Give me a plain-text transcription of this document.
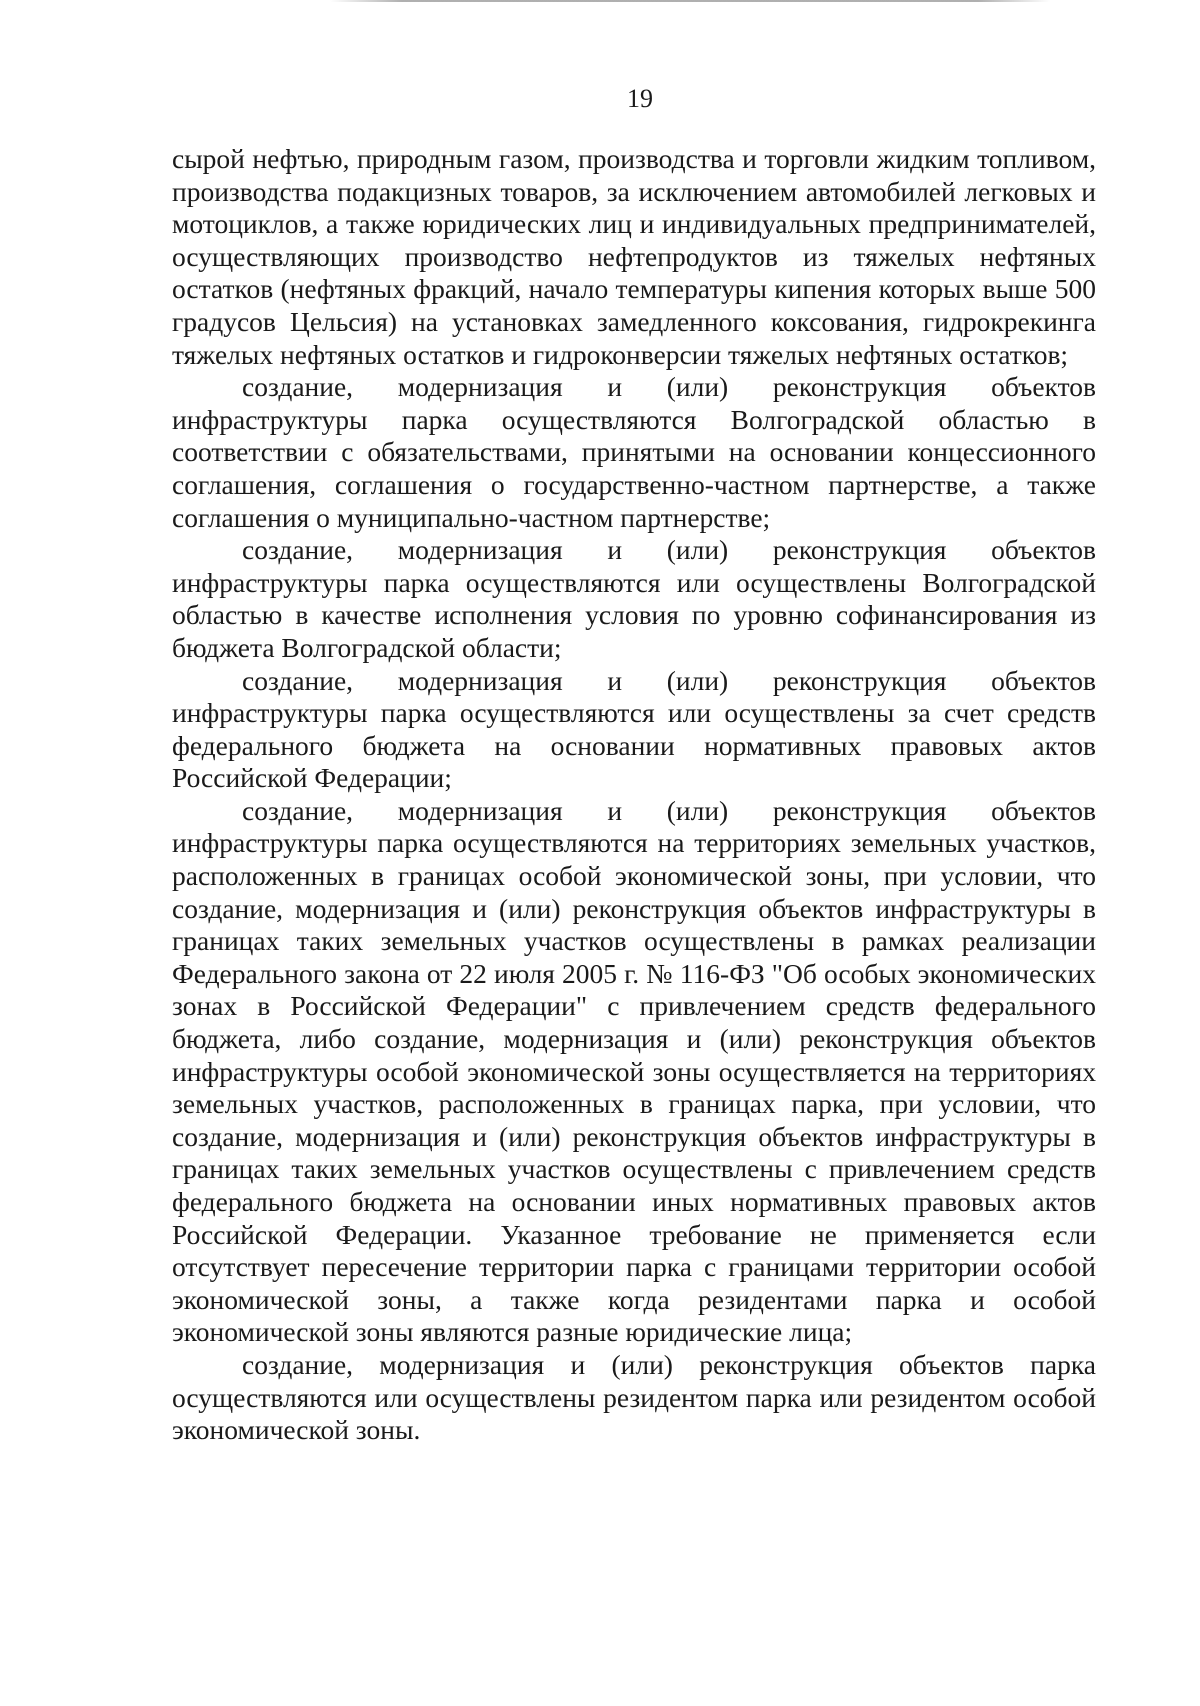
19

сырой нефтью, природным газом, производства и торговли жидким топливом, производства подакцизных товаров, за исключением автомобилей легковых и мотоциклов, а также юридических лиц и индивидуальных предпринимателей, осуществляющих производство нефтепродуктов из тяжелых нефтяных остатков (нефтяных фракций, начало температуры кипения которых выше 500 градусов Цельсия) на установках замедленного коксования, гидрокрекинга тяжелых нефтяных остатков и гидроконверсии тяжелых нефтяных остатков;

создание, модернизация и (или) реконструкция объектов инфраструктуры парка осуществляются Волгоградской областью в соответствии с обязательствами, принятыми на основании концессионного соглашения, соглашения о государственно-частном партнерстве, а также соглашения о муниципально-частном партнерстве;

создание, модернизация и (или) реконструкция объектов инфраструктуры парка осуществляются или осуществлены Волгоградской областью в качестве исполнения условия по уровню софинансирования из бюджета Волгоградской области;

создание, модернизация и (или) реконструкция объектов инфраструктуры парка осуществляются или осуществлены за счет средств федерального бюджета на основании нормативных правовых актов Российской Федерации;

создание, модернизация и (или) реконструкция объектов инфраструктуры парка осуществляются на территориях земельных участков, расположенных в границах особой экономической зоны, при условии, что создание, модернизация и (или) реконструкция объектов инфраструктуры в границах таких земельных участков осуществлены в рамках реализации Федерального закона от 22 июля 2005 г. № 116-ФЗ "Об особых экономических зонах в Российской Федерации" с привлечением средств федерального бюджета, либо создание, модернизация и (или) реконструкция объектов инфраструктуры особой экономической зоны осуществляется на территориях земельных участков, расположенных в границах парка, при условии, что создание, модернизация и (или) реконструкция объектов инфраструктуры в границах таких земельных участков осуществлены с привлечением средств федерального бюджета на основании иных нормативных правовых актов Российской Федерации. Указанное требование не применяется если отсутствует пересечение территории парка с границами территории особой экономической зоны, а также когда резидентами парка и особой экономической зоны являются разные юридические лица;

создание, модернизация и (или) реконструкция объектов парка осуществляются или осуществлены резидентом парка или резидентом особой экономической зоны.
